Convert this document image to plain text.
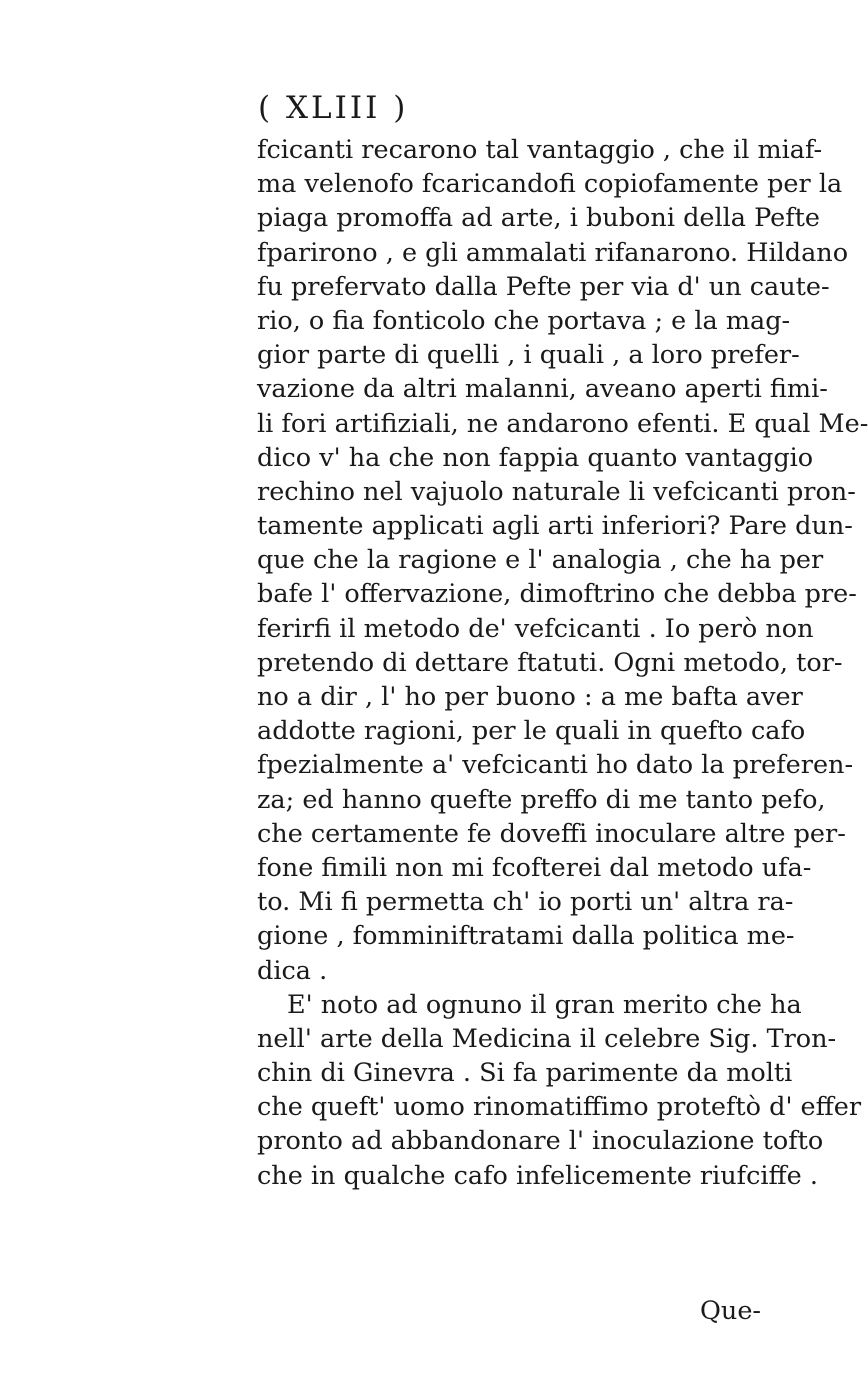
( XLIII )
fcicanti recarono tal vantaggio , che il miaf-
ma velenofo fcaricandofi copiofamente per la
piaga promoffa ad arte, i buboni della Pefte
fparirono , e gli ammalati rifanarono. Hildano
fu prefervato dalla Pefte per via d' un caute-
rio, o fia fonticolo che portava ; e la mag-
gior parte di quelli , i quali , a loro prefer-
vazione da altri malanni, aveano aperti fimi-
li fori artifiziali, ne andarono efenti. E qual Me-
dico v' ha che non fappia quanto vantaggio
rechino nel vajuolo naturale li vefcicanti pron-
tamente applicati agli arti inferiori? Pare dun-
que che la ragione e l' analogia , che ha per
bafe l' offervazione, dimoftrino che debba pre-
ferirfi il metodo de' vefcicanti . Io però non
pretendo di dettare ftatuti. Ogni metodo, tor-
no a dir , l' ho per buono : a me bafta aver
addotte ragioni, per le quali in quefto cafo
fpezialmente a' vefcicanti ho dato la preferen-
za; ed hanno quefte preffo di me tanto pefo,
che certamente fe doveffi inoculare altre per-
fone fimili non mi fcofterei dal metodo ufa-
to. Mi fi permetta ch' io porti un' altra ra-
gione , fomminiftratami dalla politica me-
dica .
E' noto ad ognuno il gran merito che ha
nell' arte della Medicina il celebre Sig. Tron-
chin di Ginevra . Si fa parimente da molti
che queft' uomo rinomatiffimo proteftò d' effer
pronto ad abbandonare l' inoculazione tofto
che in qualche cafo infelicemente riufciffe .
Que-
